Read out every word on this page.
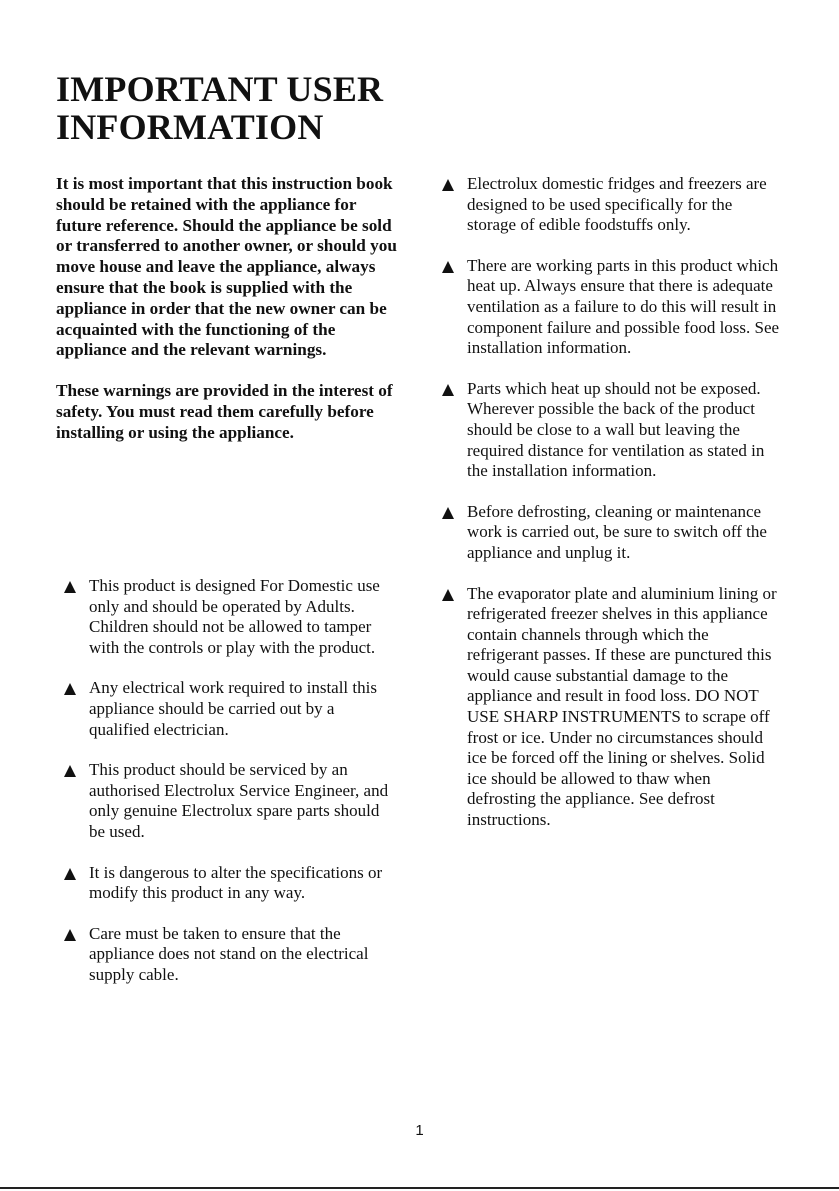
IMPORTANT USER INFORMATION

It is most important that this instruction book should be retained with the appliance for future reference. Should the appliance be sold or transferred to another owner, or should you move house and leave the appliance, always ensure that the book is supplied with the appliance in order that the new owner can be acquainted with the functioning of the appliance and the relevant warnings.

These warnings are provided in the interest of safety. You must read them carefully before installing or using the appliance.

This product is designed For Domestic use only and should be operated by Adults. Children should not be allowed to tamper with the controls or play with the product.
Any electrical work required to install this appliance should be carried out by a qualified electrician.
This product should be serviced by an authorised Electrolux Service Engineer, and only genuine Electrolux spare parts should be used.
It is dangerous to alter the specifications or modify this product in any way.
Care must be taken to ensure that the appliance does not stand on the electrical supply cable.
Electrolux domestic fridges and freezers are designed to be used specifically for the storage of edible foodstuffs only.
There are working parts in this product which heat up. Always ensure that there is adequate ventilation as a failure to do this will result in component failure and possible food loss. See installation information.
Parts which heat up should not be exposed. Wherever possible the back of the product should be close to a wall but leaving the required distance for ventilation as stated in the installation information.
Before defrosting, cleaning or maintenance work is carried out, be sure to switch off the appliance and unplug it.
The evaporator plate and aluminium lining or refrigerated freezer shelves in this appliance contain channels through which the refrigerant passes. If these are punctured this would cause substantial damage to the appliance and result in food loss. DO NOT USE SHARP INSTRUMENTS to scrape off frost or ice. Under no circumstances should ice be forced off the lining or shelves. Solid ice should be allowed to thaw when defrosting the appliance. See defrost instructions.
1
